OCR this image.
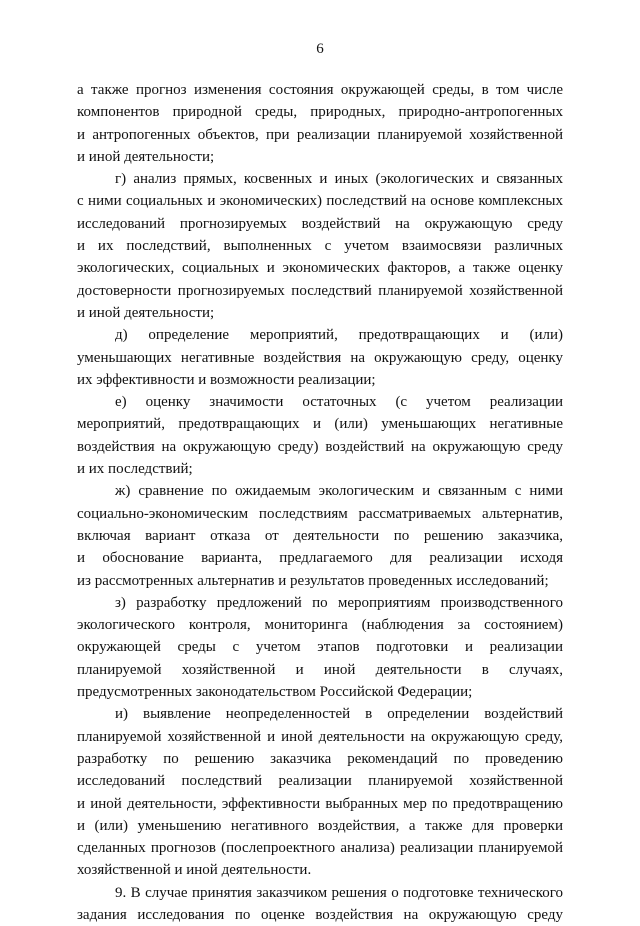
6
а также прогноз изменения состояния окружающей среды, в том числе
компонентов природной среды, природных, природно-антропогенных
и антропогенных объектов, при реализации планируемой хозяйственной
и иной деятельности;
г) анализ прямых, косвенных и иных (экологических и связанных
с ними социальных и экономических) последствий на основе комплексных
исследований прогнозируемых воздействий на окружающую среду
и их последствий, выполненных с учетом взаимосвязи различных
экологических, социальных и экономических факторов, а также оценку
достоверности прогнозируемых последствий планируемой хозяйственной
и иной деятельности;
д) определение мероприятий, предотвращающих и (или)
уменьшающих негативные воздействия на окружающую среду, оценку
их эффективности и возможности реализации;
е) оценку значимости остаточных (с учетом реализации
мероприятий, предотвращающих и (или) уменьшающих негативные
воздействия на окружающую среду) воздействий на окружающую среду
и их последствий;
ж) сравнение по ожидаемым экологическим и связанным с ними
социально-экономическим последствиям рассматриваемых альтернатив,
включая вариант отказа от деятельности по решению заказчика,
и обоснование варианта, предлагаемого для реализации исходя
из рассмотренных альтернатив и результатов проведенных исследований;
з) разработку предложений по мероприятиям производственного
экологического контроля, мониторинга (наблюдения за состоянием)
окружающей среды с учетом этапов подготовки и реализации
планируемой хозяйственной и иной деятельности в случаях,
предусмотренных законодательством Российской Федерации;
и) выявление неопределенностей в определении воздействий
планируемой хозяйственной и иной деятельности на окружающую среду,
разработку по решению заказчика рекомендаций по проведению
исследований последствий реализации планируемой хозяйственной
и иной деятельности, эффективности выбранных мер по предотвращению
и (или) уменьшению негативного воздействия, а также для проверки
сделанных прогнозов (послепроектного анализа) реализации планируемой
хозяйственной и иной деятельности.
9. В случае принятия заказчиком решения о подготовке технического
задания исследования по оценке воздействия на окружающую среду
